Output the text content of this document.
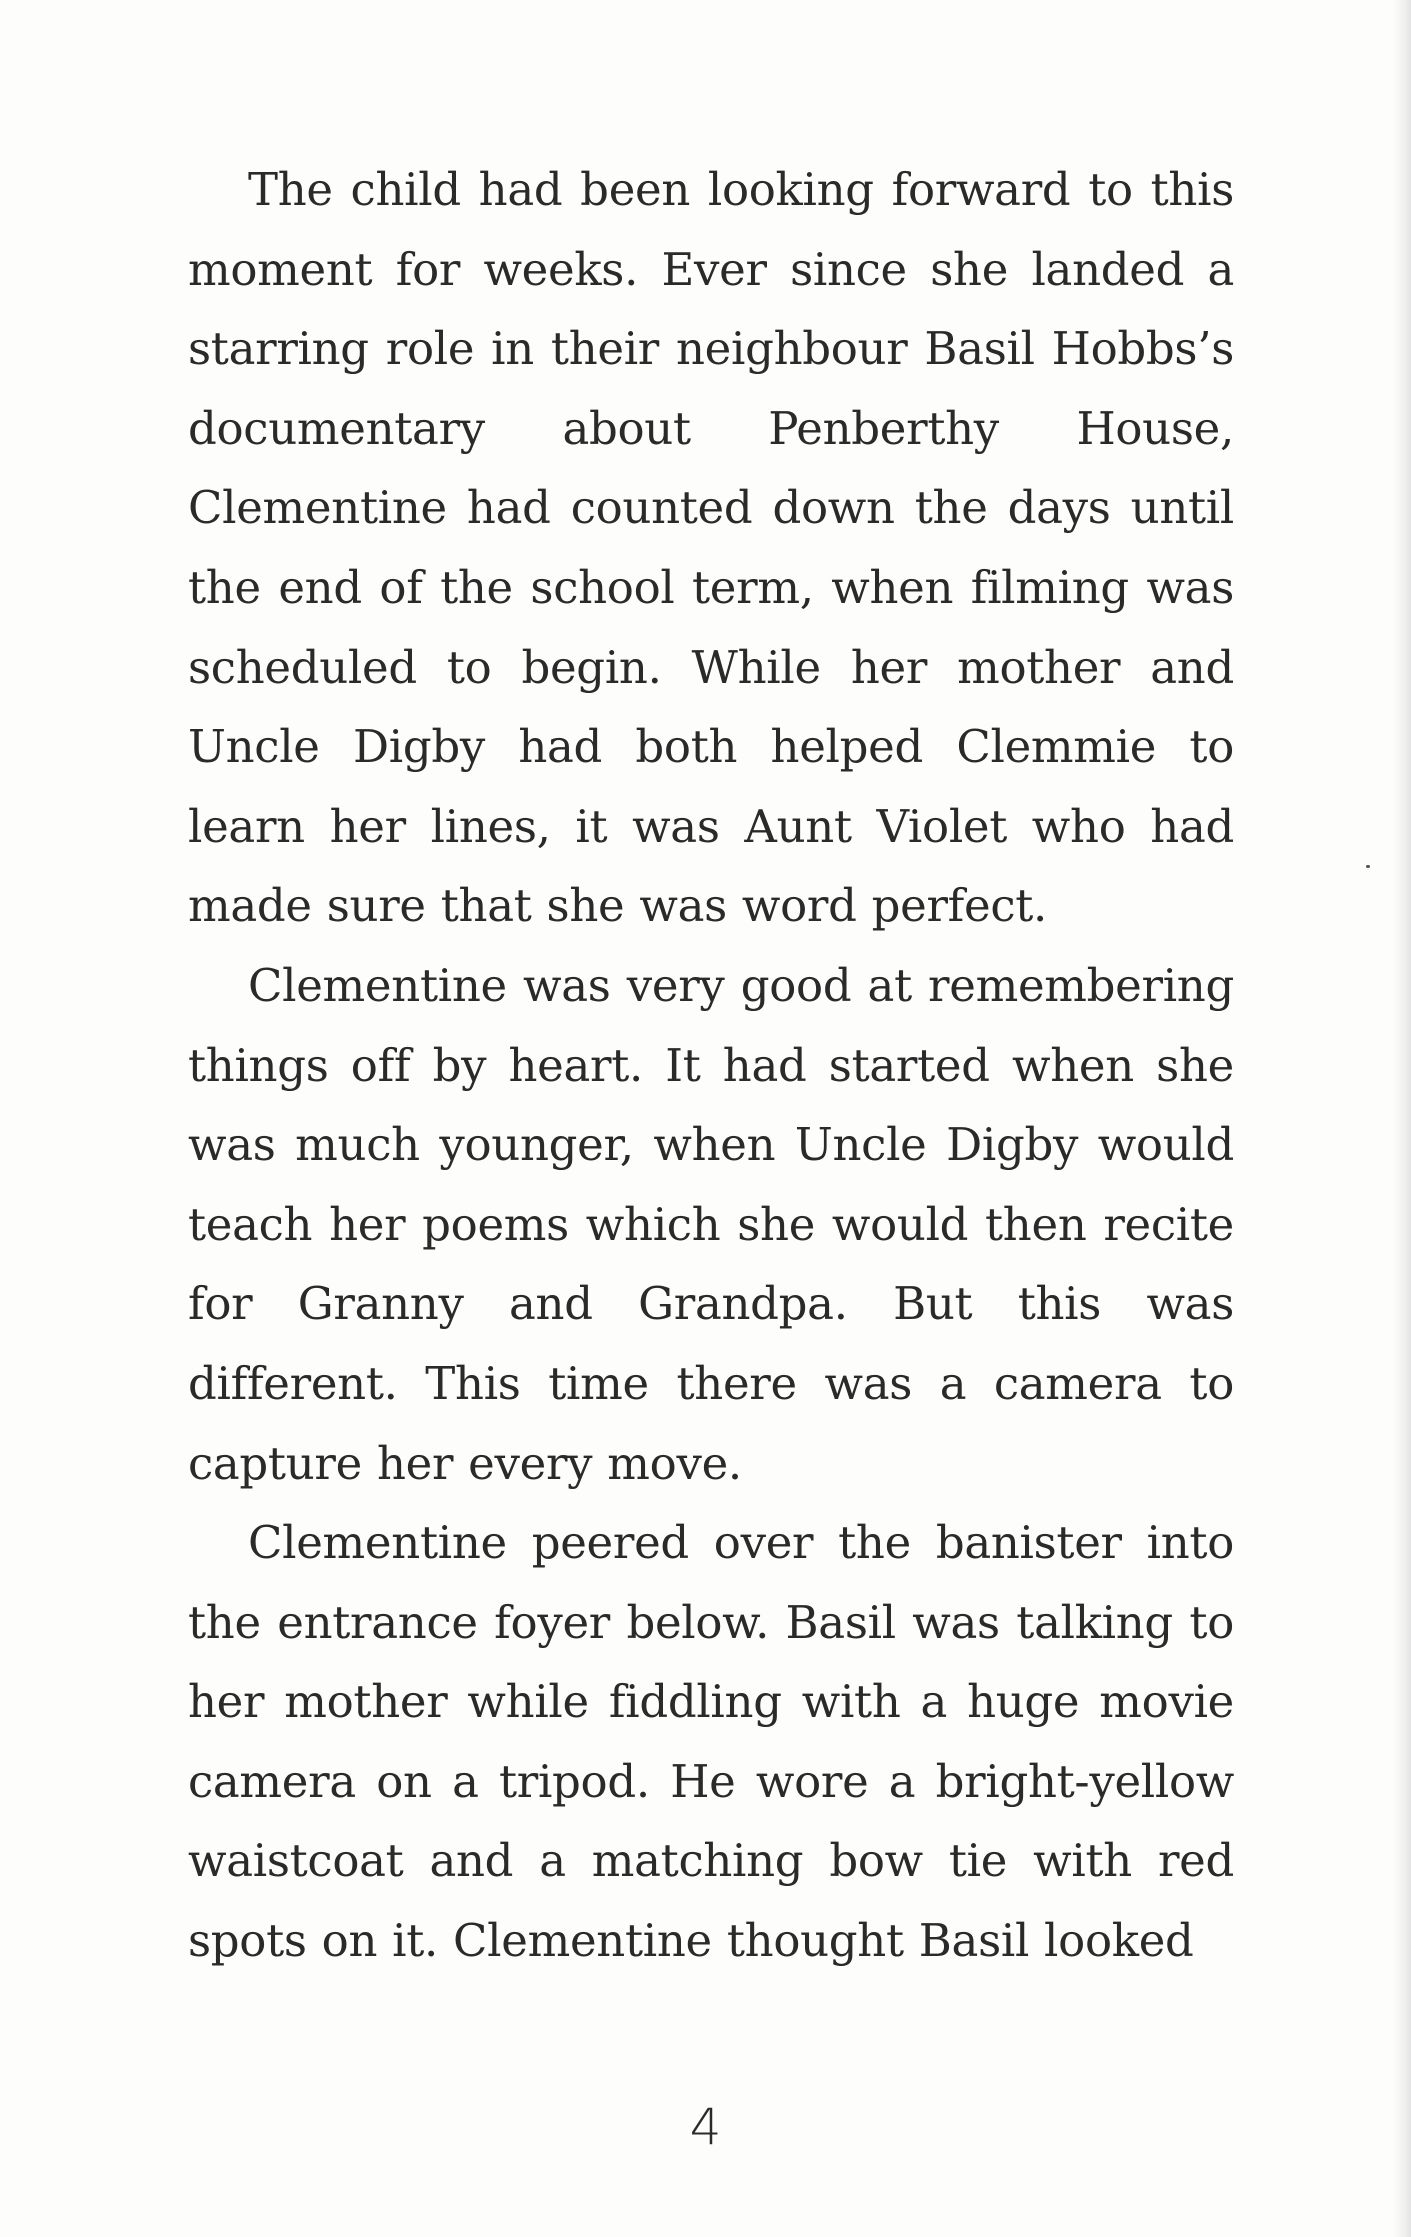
The child had been looking forward to this moment for weeks. Ever since she landed a starring role in their neighbour Basil Hobbs’s documentary about Penberthy House, Clementine had counted down the days until the end of the school term, when filming was scheduled to begin. While her mother and Uncle Digby had both helped Clemmie to learn her lines, it was Aunt Violet who had made sure that she was word perfect.

Clementine was very good at remembering things off by heart. It had started when she was much younger, when Uncle Digby would teach her poems which she would then recite for Granny and Grandpa. But this was different. This time there was a camera to capture her every move.

Clementine peered over the banister into the entrance foyer below. Basil was talking to her mother while fiddling with a huge movie camera on a tripod. He wore a bright-yellow waistcoat and a matching bow tie with red spots on it. Clementine thought Basil looked

4
